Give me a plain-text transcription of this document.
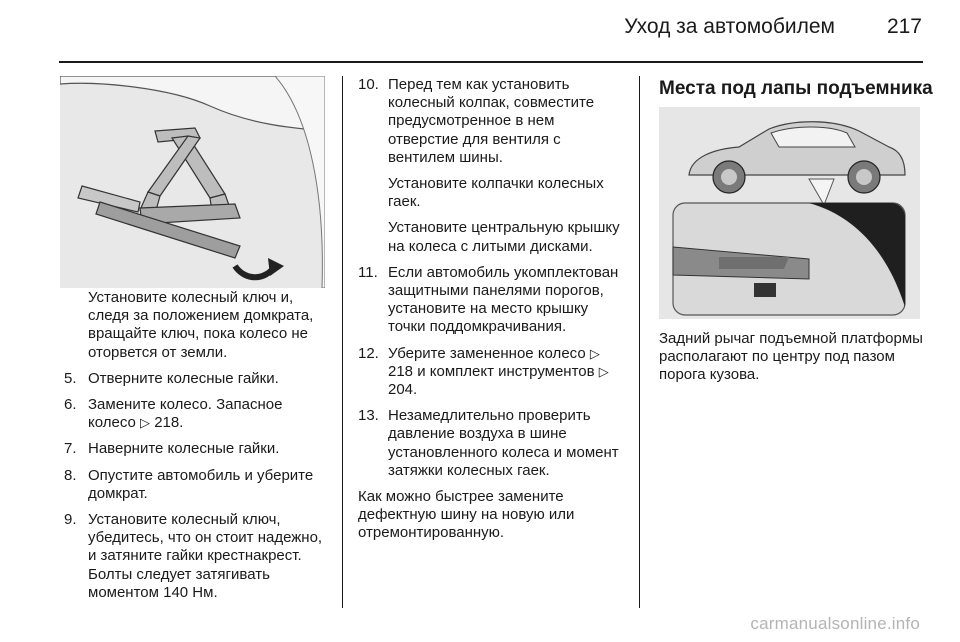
Уход за автомобилем 217

Установите колесный ключ и, следя за положением домкрата, вращайте ключ, пока колесо не оторвется от земли.

5. Отверните колесные гайки.
6. Замените колесо. Запасное колесо ▷ 218.
7. Наверните колесные гайки.
8. Опустите автомобиль и уберите домкрат.
9. Установите колесный ключ, убедитесь, что он стоит надежно, и затяните гайки крестнакрест. Болты следует затягивать моментом 140 Нм.
10. Перед тем как установить колесный колпак, совместите предусмотренное в нем отверстие для вентиля с вентилем шины.

Установите колпачки колесных гаек.

Установите центральную крышку на колеса с литыми дисками.

11. Если автомобиль укомплектован защитными панелями порогов, установите на место крышку точки поддомкрачивания.
12. Уберите замененное колесо ▷ 218 и комплект инструментов ▷ 204.
13. Незамедлительно проверить давление воздуха в шине установленного колеса и момент затяжки колесных гаек.

Как можно быстрее замените дефектную шину на новую или отремонтированную.

Места под лапы подъемника

Задний рычаг подъемной платформы располагают по центру под пазом порога кузова.

carmanualsonline.info
